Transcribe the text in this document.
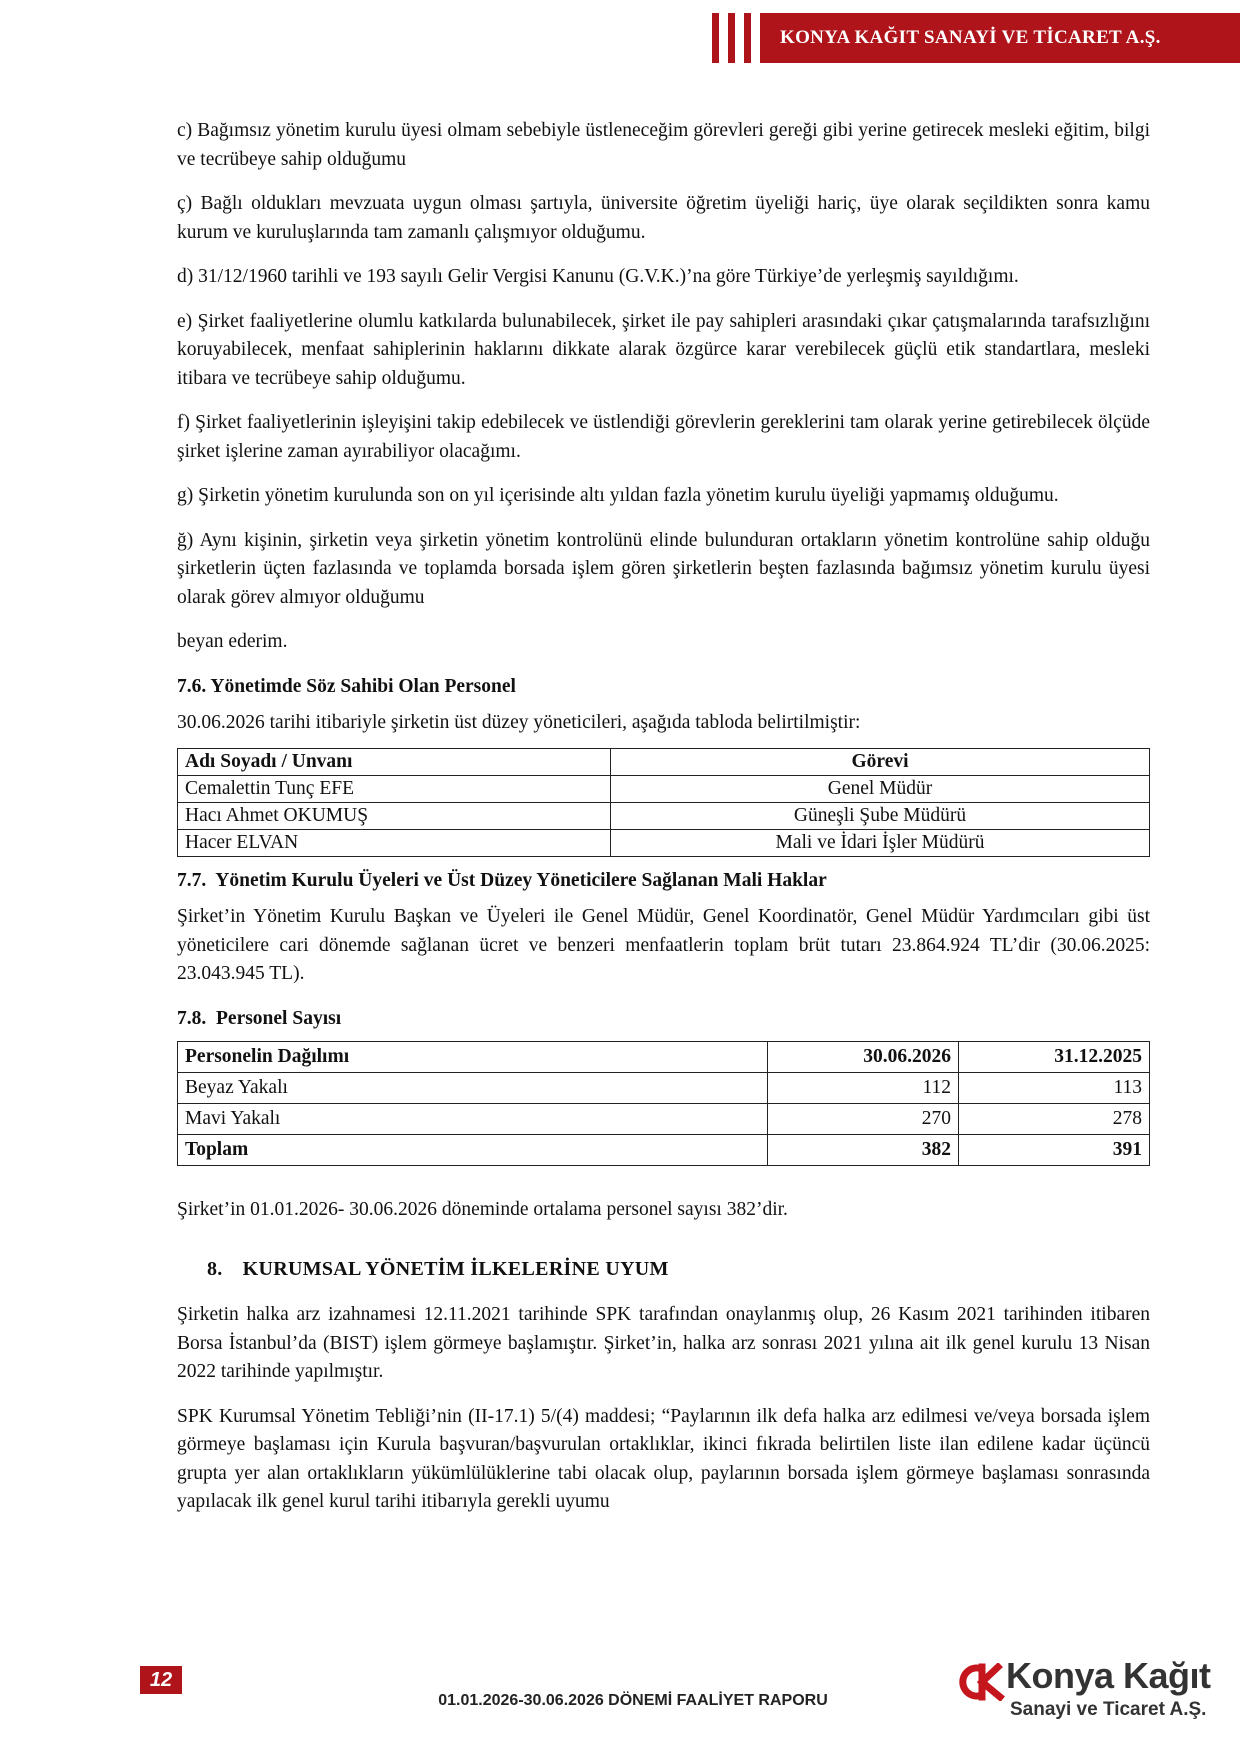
KONYA KAĞIT SANAYİ VE TİCARET A.Ş.

c) Bağımsız yönetim kurulu üyesi olmam sebebiyle üstleneceğim görevleri gereği gibi yerine getirecek mesleki eğitim, bilgi ve tecrübeye sahip olduğumu

ç) Bağlı oldukları mevzuata uygun olması şartıyla, üniversite öğretim üyeliği hariç, üye olarak seçildikten sonra kamu kurum ve kuruluşlarında tam zamanlı çalışmıyor olduğumu.

d) 31/12/1960 tarihli ve 193 sayılı Gelir Vergisi Kanunu (G.V.K.)’na göre Türkiye’de yerleşmiş sayıldığımı.

e) Şirket faaliyetlerine olumlu katkılarda bulunabilecek, şirket ile pay sahipleri arasındaki çıkar çatışmalarında tarafsızlığını koruyabilecek, menfaat sahiplerinin haklarını dikkate alarak özgürce karar verebilecek güçlü etik standartlara, mesleki itibara ve tecrübeye sahip olduğumu.

f) Şirket faaliyetlerinin işleyişini takip edebilecek ve üstlendiği görevlerin gereklerini tam olarak yerine getirebilecek ölçüde şirket işlerine zaman ayırabiliyor olacağımı.

g) Şirketin yönetim kurulunda son on yıl içerisinde altı yıldan fazla yönetim kurulu üyeliği yapmamış olduğumu.

ğ) Aynı kişinin, şirketin veya şirketin yönetim kontrolünü elinde bulunduran ortakların yönetim kontrolüne sahip olduğu şirketlerin üçten fazlasında ve toplamda borsada işlem gören şirketlerin beşten fazlasında bağımsız yönetim kurulu üyesi olarak görev almıyor olduğumu

beyan ederim.

7.6. Yönetimde Söz Sahibi Olan Personel

30.06.2026 tarihi itibariyle şirketin üst düzey yöneticileri, aşağıda tabloda belirtilmiştir:

Adı Soyadı / Unvanı	Görevi
Cemalettin Tunç EFE	Genel Müdür
Hacı Ahmet OKUMUŞ	Güneşli Şube Müdürü
Hacer ELVAN	Mali ve İdari İşler Müdürü
7.7.  Yönetim Kurulu Üyeleri ve Üst Düzey Yöneticilere Sağlanan Mali Haklar

Şirket’in Yönetim Kurulu Başkan ve Üyeleri ile Genel Müdür, Genel Koordinatör, Genel Müdür Yardımcıları gibi üst yöneticilere cari dönemde sağlanan ücret ve benzeri menfaatlerin toplam brüt tutarı 23.864.924 TL’dir (30.06.2025: 23.043.945 TL).

7.8.  Personel Sayısı
Personelin Dağılımı	30.06.2026	31.12.2025
Beyaz Yakalı	112	113
Mavi Yakalı	270	278
Toplam	382	391

Şirket’in 01.01.2026- 30.06.2026 döneminde ortalama personel sayısı 382’dir.

8. KURUMSAL YÖNETİM İLKELERİNE UYUM

Şirketin halka arz izahnamesi 12.11.2021 tarihinde SPK tarafından onaylanmış olup, 26 Kasım 2021 tarihinden itibaren Borsa İstanbul’da (BIST) işlem görmeye başlamıştır. Şirket’in, halka arz sonrası 2021 yılına ait ilk genel kurulu 13 Nisan 2022 tarihinde yapılmıştır.

SPK Kurumsal Yönetim Tebliği’nin (II-17.1) 5/(4) maddesi; “Paylarının ilk defa halka arz edilmesi ve/veya borsada işlem görmeye başlaması için Kurula başvuran/başvurulan ortaklıklar, ikinci fıkrada belirtilen liste ilan edilene kadar üçüncü grupta yer alan ortaklıkların yükümlülüklerine tabi olacak olup, paylarının borsada işlem görmeye başlaması sonrasında yapılacak ilk genel kurul tarihi itibarıyla gerekli uyumu

12
01.01.2026-30.06.2026 DÖNEMİ FAALİYET RAPORU
Konya Kağıt
Sanayi ve Ticaret A.Ş.
